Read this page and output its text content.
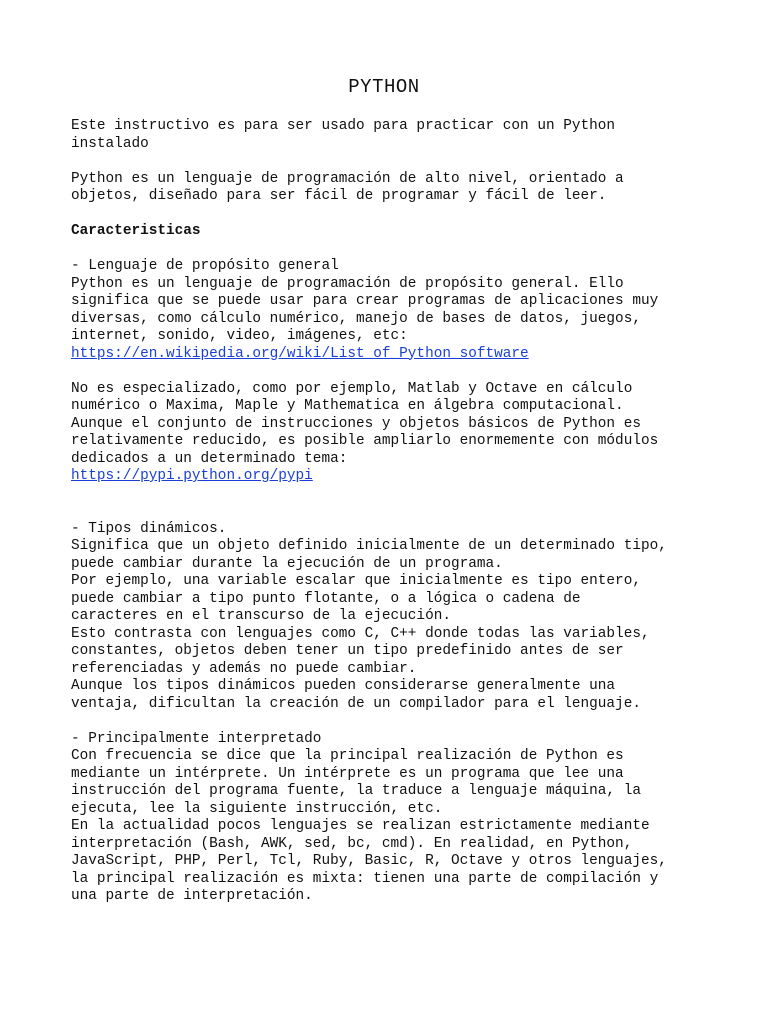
PYTHON
Este instructivo es para ser usado para practicar con un Python
instalado
Python es un lenguaje de programación de alto nivel, orientado a
objetos, diseñado para ser fácil de programar y fácil de leer.
Caracteristicas
- Lenguaje de propósito general
Python es un lenguaje de programación de propósito general. Ello
significa que se puede usar para crear programas de aplicaciones muy
diversas, como cálculo numérico, manejo de bases de datos, juegos,
internet, sonido, video, imágenes, etc:
https://en.wikipedia.org/wiki/List_of_Python_software
No es especializado, como por ejemplo, Matlab y Octave en cálculo
numérico o Maxima, Maple y Mathematica en álgebra computacional.
Aunque el conjunto de instrucciones y objetos básicos de Python es
relativamente reducido, es posible ampliarlo enormemente con módulos
dedicados a un determinado tema:
https://pypi.python.org/pypi
- Tipos dinámicos.
Significa que un objeto definido inicialmente de un determinado tipo,
puede cambiar durante la ejecución de un programa.
Por ejemplo, una variable escalar que inicialmente es tipo entero,
puede cambiar a tipo punto flotante, o a lógica o cadena de
caracteres en el transcurso de la ejecución.
Esto contrasta con lenguajes como C, C++ donde todas las variables,
constantes, objetos deben tener un tipo predefinido antes de ser
referenciadas y además no puede cambiar.
Aunque los tipos dinámicos pueden considerarse generalmente una
ventaja, dificultan la creación de un compilador para el lenguaje.
- Principalmente interpretado
Con frecuencia se dice que la principal realización de Python es
mediante un intérprete. Un intérprete es un programa que lee una
instrucción del programa fuente, la traduce a lenguaje máquina, la
ejecuta, lee la siguiente instrucción, etc.
En la actualidad pocos lenguajes se realizan estrictamente mediante
interpretación (Bash, AWK, sed, bc, cmd). En realidad, en Python,
JavaScript, PHP, Perl, Tcl, Ruby, Basic, R, Octave y otros lenguajes,
la principal realización es mixta: tienen una parte de compilación y
una parte de interpretación.
